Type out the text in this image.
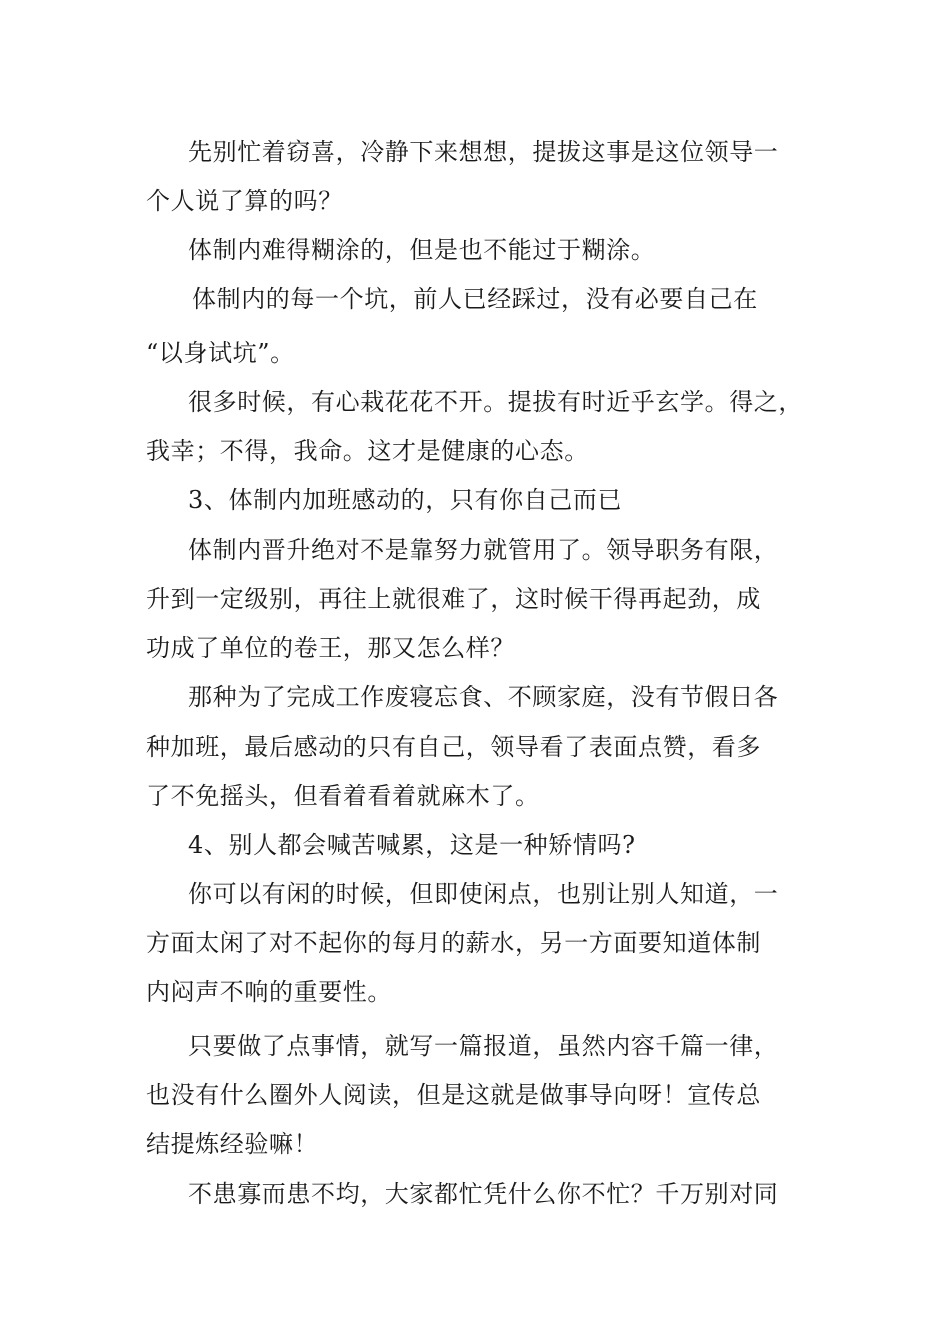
先别忙着窃喜，冷静下来想想，提拔这事是这位领导一
个人说了算的吗？
体制内难得糊涂的，但是也不能过于糊涂。
体制内的每一个坑，前人已经踩过，没有必要自己在
“以身试坑”。
很多时候，有心栽花花不开。提拔有时近乎玄学。得之，
我幸；不得，我命。这才是健康的心态。
3、体制内加班感动的，只有你自己而已
体制内晋升绝对不是靠努力就管用了。领导职务有限，
升到一定级别，再往上就很难了，这时候干得再起劲，成
功成了单位的卷王，那又怎么样？
那种为了完成工作废寝忘食、不顾家庭，没有节假日各
种加班，最后感动的只有自己，领导看了表面点赞，看多
了不免摇头，但看着看着就麻木了。
4、别人都会喊苦喊累，这是一种矫情吗?
你可以有闲的时候，但即使闲点，也别让别人知道，一
方面太闲了对不起你的每月的薪水，另一方面要知道体制
内闷声不响的重要性。
只要做了点事情，就写一篇报道，虽然内容千篇一律，
也没有什么圈外人阅读，但是这就是做事导向呀！宣传总
结提炼经验嘛！
不患寡而患不均，大家都忙凭什么你不忙？千万别对同
